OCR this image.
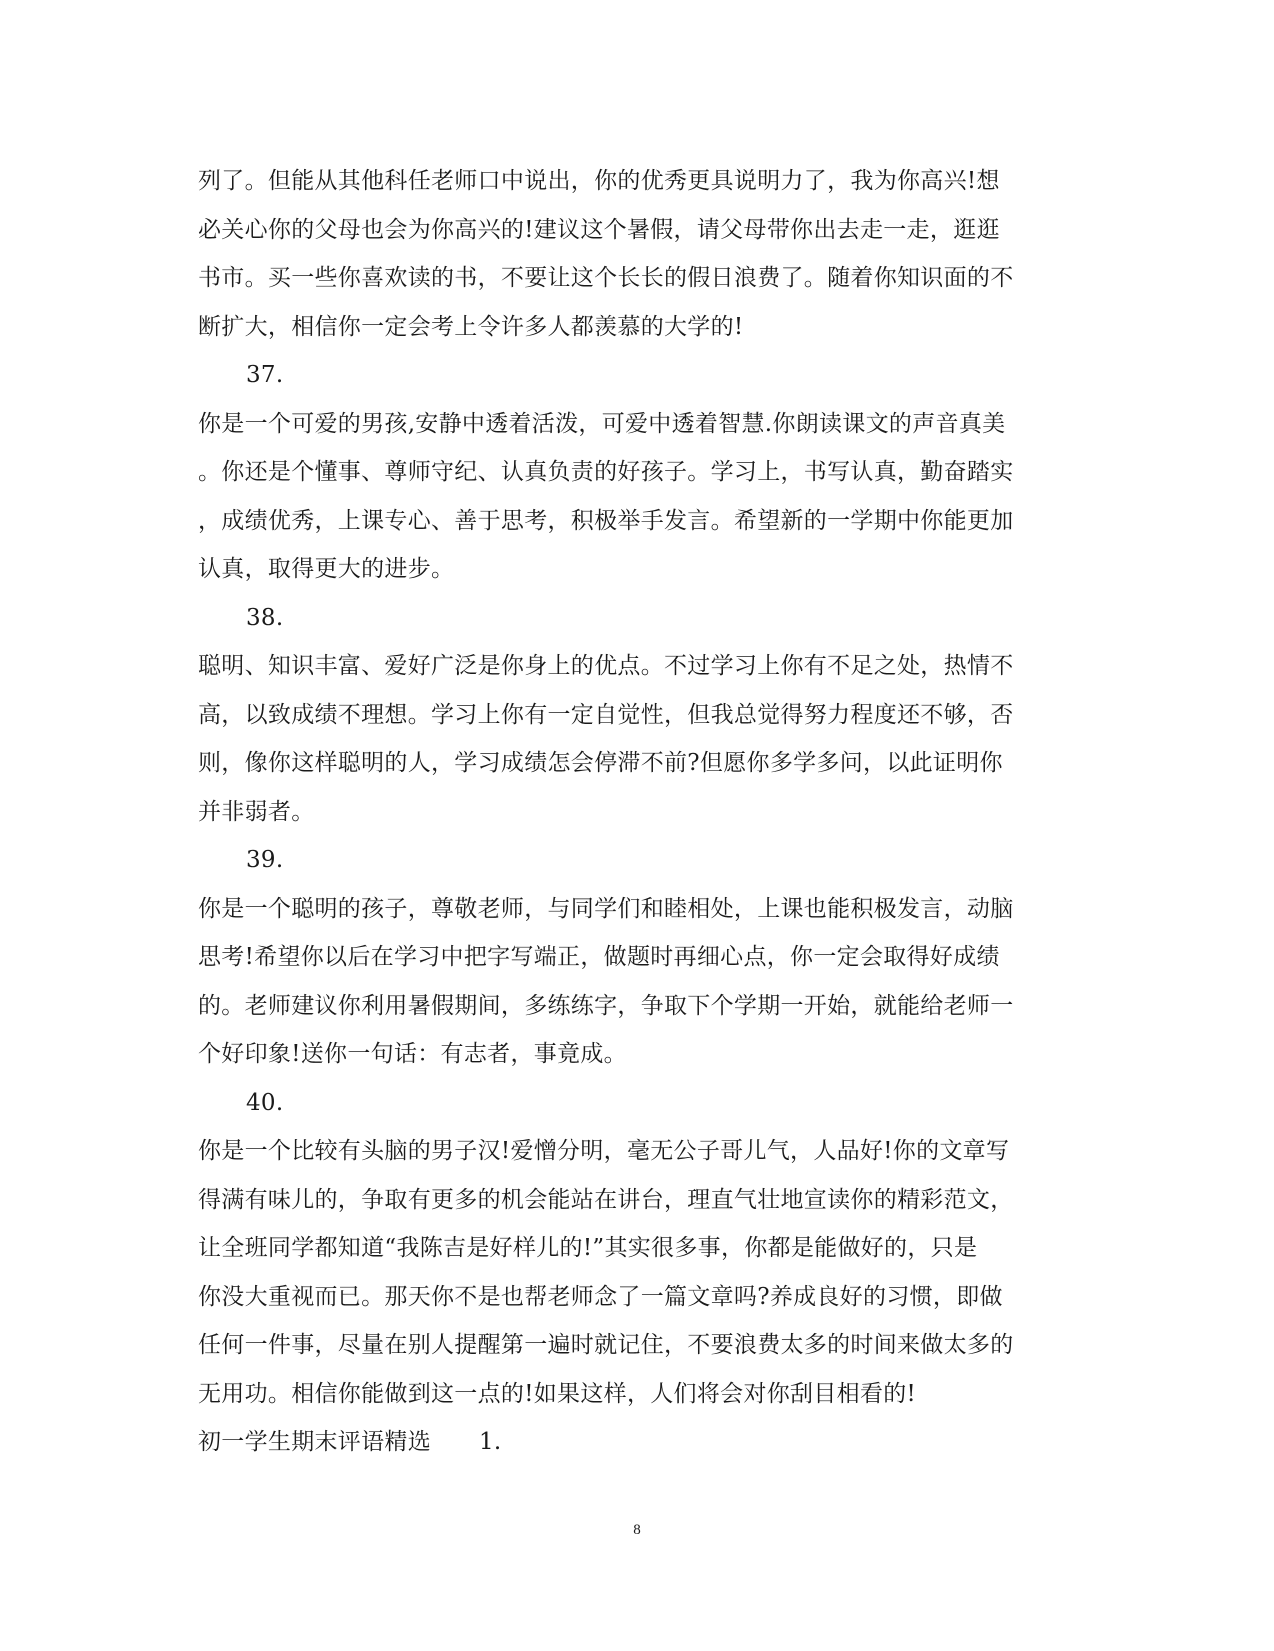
列了。但能从其他科任老师口中说出，你的优秀更具说明力了，我为你高兴!想
必关心你的父母也会为你高兴的!建议这个暑假，请父母带你出去走一走，逛逛
书市。买一些你喜欢读的书，不要让这个长长的假日浪费了。随着你知识面的不
断扩大，相信你一定会考上令许多人都羡慕的大学的!
37.
你是一个可爱的男孩,安静中透着活泼，可爱中透着智慧.你朗读课文的声音真美
。你还是个懂事、尊师守纪、认真负责的好孩子。学习上，书写认真，勤奋踏实
，成绩优秀，上课专心、善于思考，积极举手发言。希望新的一学期中你能更加
认真，取得更大的进步。
38.
聪明、知识丰富、爱好广泛是你身上的优点。不过学习上你有不足之处，热情不
高，以致成绩不理想。学习上你有一定自觉性，但我总觉得努力程度还不够，否
则，像你这样聪明的人，学习成绩怎会停滞不前?但愿你多学多问，以此证明你
并非弱者。
39.
你是一个聪明的孩子，尊敬老师，与同学们和睦相处，上课也能积极发言，动脑
思考!希望你以后在学习中把字写端正，做题时再细心点，你一定会取得好成绩
的。老师建议你利用暑假期间，多练练字，争取下个学期一开始，就能给老师一
个好印象!送你一句话：有志者，事竟成。
40.
你是一个比较有头脑的男子汉!爱憎分明，毫无公子哥儿气，人品好!你的文章写
得满有味儿的，争取有更多的机会能站在讲台，理直气壮地宣读你的精彩范文，
让全班同学都知道“我陈吉是好样儿的!”其实很多事，你都是能做好的，只是
你没大重视而已。那天你不是也帮老师念了一篇文章吗?养成良好的习惯，即做
任何一件事，尽量在别人提醒第一遍时就记住，不要浪费太多的时间来做太多的
无用功。相信你能做到这一点的!如果这样，人们将会对你刮目相看的!
初一学生期末评语精选 1.
8
